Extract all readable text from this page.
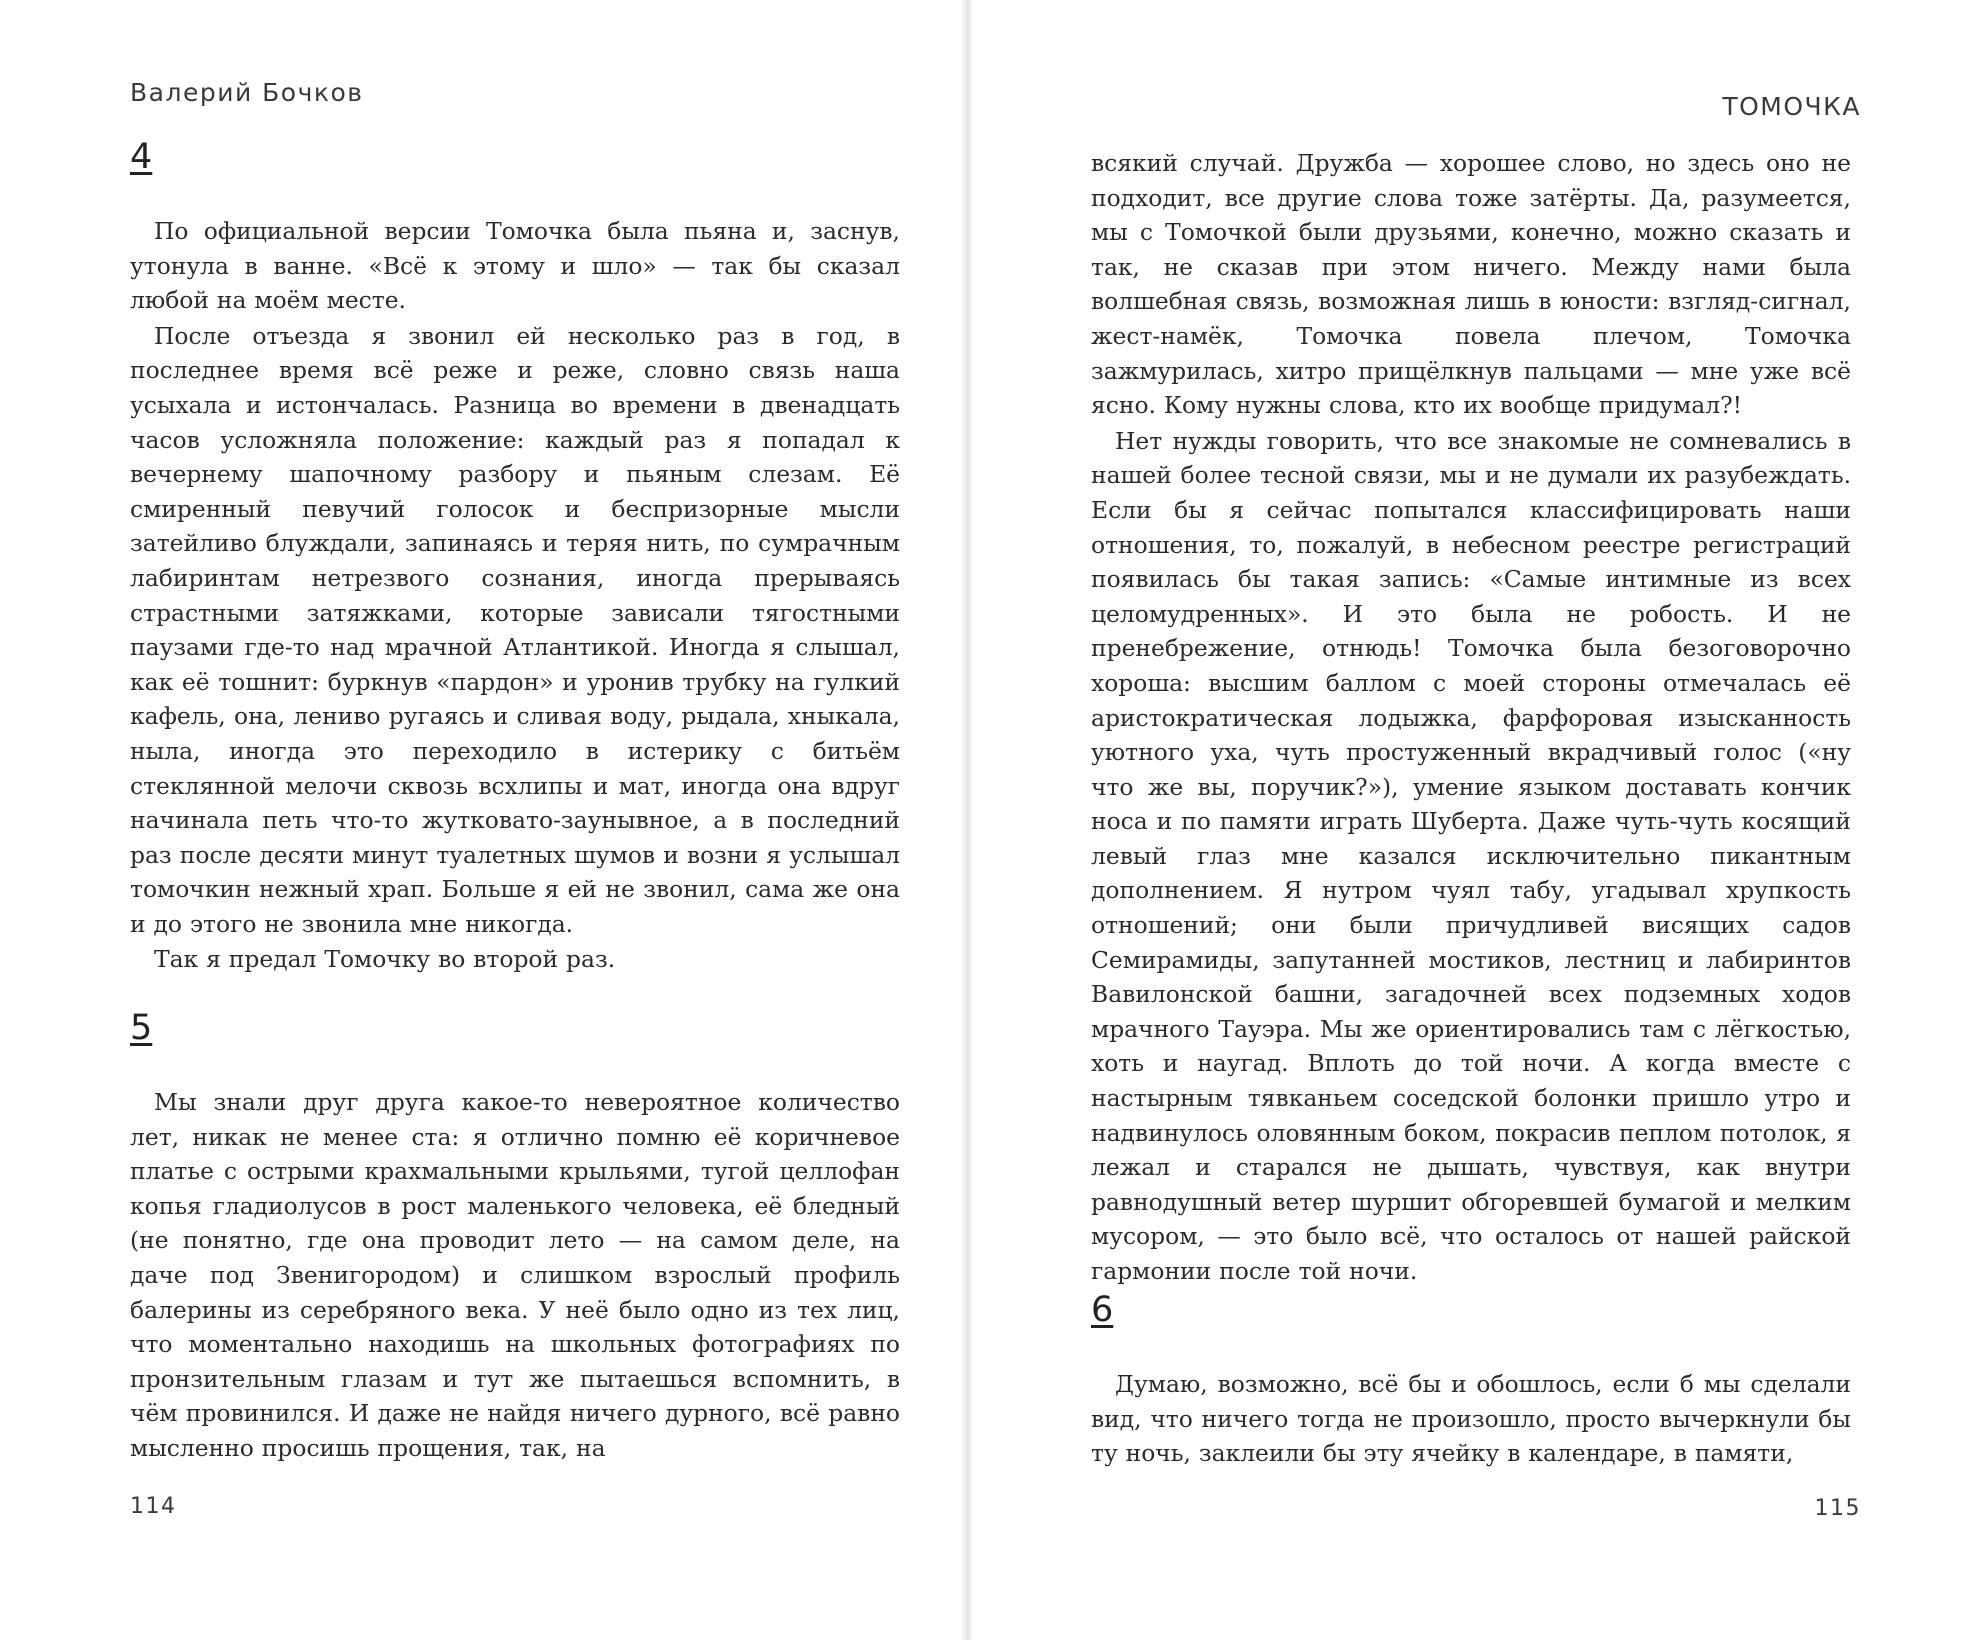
Валерий Бочков
4

По официальной версии Томочка была пьяна и, заснув, утонула в ванне. «Всё к этому и шло» — так бы сказал любой на моём месте.

После отъезда я звонил ей несколько раз в год, в последнее время всё реже и реже, словно связь наша усыхала и истончалась. Разница во времени в двенадцать часов усложняла положение: каждый раз я попадал к вечернему шапочному разбору и пьяным слезам. Её смиренный певучий голосок и беспризорные мысли затейливо блуждали, запинаясь и теряя нить, по сумрачным лабиринтам нетрезвого сознания, иногда прерываясь страстными затяжками, которые зависали тягостными паузами где-то над мрачной Атлантикой. Иногда я слышал, как её тошнит: буркнув «пардон» и уронив трубку на гулкий кафель, она, лениво ругаясь и сливая воду, рыдала, хныкала, ныла, иногда это переходило в истерику с битьём стеклянной мелочи сквозь всхлипы и мат, иногда она вдруг начинала петь что-то жутковато-заунывное, а в последний раз после десяти минут туалетных шумов и возни я услышал томочкин нежный храп. Больше я ей не звонил, сама же она и до этого не звонила мне никогда.

Так я предал Томочку во второй раз.

5

Мы знали друг друга какое-то невероятное количество лет, никак не менее ста: я отлично помню её коричневое платье с острыми крахмальными крыльями, тугой целлофан копья гладиолусов в рост маленького человека, её бледный (не понятно, где она проводит лето — на самом деле, на даче под Звенигородом) и слишком взрослый профиль балерины из серебряного века. У неё было одно из тех лиц, что моментально находишь на школьных фотографиях по пронзительным глазам и тут же пытаешься вспомнить, в чём провинился. И даже не найдя ничего дурного, всё равно мысленно просишь прощения, так, на

114
ТОМОЧКА

всякий случай. Дружба — хорошее слово, но здесь оно не подходит, все другие слова тоже затёрты. Да, разумеется, мы с Томочкой были друзьями, конечно, можно сказать и так, не сказав при этом ничего. Между нами была волшебная связь, возможная лишь в юности: взгляд-сигнал, жест-намёк, Томочка повела плечом, Томочка зажмурилась, хитро прищёлкнув пальцами — мне уже всё ясно. Кому нужны слова, кто их вообще придумал?!

Нет нужды говорить, что все знакомые не сомневались в нашей более тесной связи, мы и не думали их разубеждать. Если бы я сейчас попытался классифицировать наши отношения, то, пожалуй, в небесном реестре регистраций появилась бы такая запись: «Самые интимные из всех целомудренных». И это была не робость. И не пренебрежение, отнюдь! Томочка была безоговорочно хороша: высшим баллом с моей стороны отмечалась её аристократическая лодыжка, фарфоровая изысканность уютного уха, чуть простуженный вкрадчивый голос («ну что же вы, поручик?»), умение языком доставать кончик носа и по памяти играть Шуберта. Даже чуть-чуть косящий левый глаз мне казался исключительно пикантным дополнением. Я нутром чуял табу, угадывал хрупкость отношений; они были причудливей висящих садов Семирамиды, запутанней мостиков, лестниц и лабиринтов Вавилонской башни, загадочней всех подземных ходов мрачного Тауэра. Мы же ориентировались там с лёгкостью, хоть и наугад. Вплоть до той ночи. А когда вместе с настырным тявканьем соседской болонки пришло утро и надвинулось оловянным боком, покрасив пеплом потолок, я лежал и старался не дышать, чувствуя, как внутри равнодушный ветер шуршит обгоревшей бумагой и мелким мусором, — это было всё, что осталось от нашей райской гармонии после той ночи.

6

Думаю, возможно, всё бы и обошлось, если б мы сделали вид, что ничего тогда не произошло, просто вычеркнули бы ту ночь, заклеили бы эту ячейку в календаре, в памяти,

115
